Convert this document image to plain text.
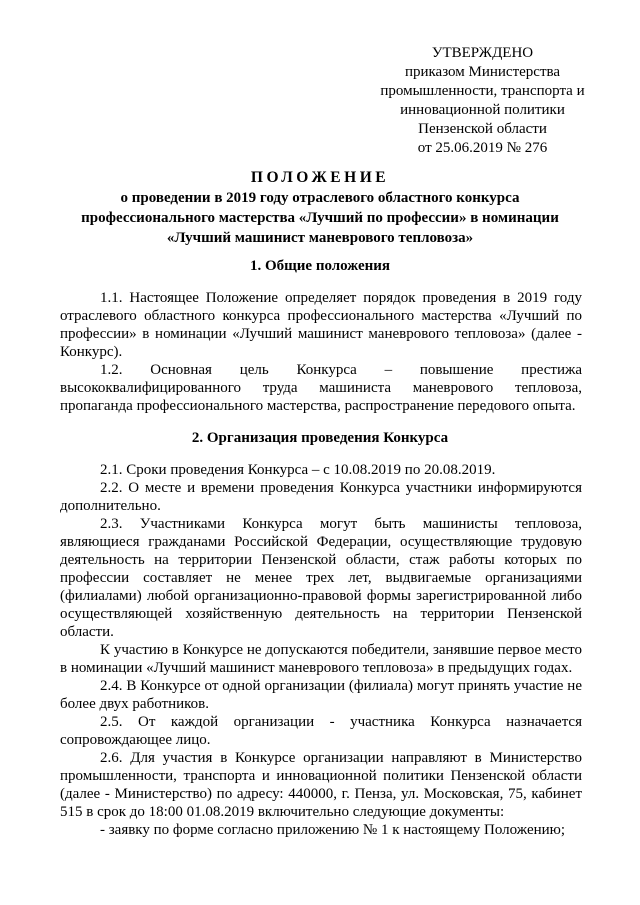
УТВЕРЖДЕНО
приказом Министерства
промышленности, транспорта и
инновационной политики
Пензенской области
от 25.06.2019 № 276
ПОЛОЖЕНИЕ
о проведении в 2019 году отраслевого областного конкурса
профессионального мастерства «Лучший по профессии» в номинации
«Лучший машинист маневрового тепловоза»
1. Общие положения

1.1. Настоящее Положение определяет порядок проведения в 2019 году отраслевого областного конкурса профессионального мастерства «Лучший по профессии» в номинации «Лучший машинист маневрового тепловоза» (далее - Конкурс).

1.2. Основная цель Конкурса – повышение престижа высококвалифицированного труда машиниста маневрового тепловоза, пропаганда профессионального мастерства, распространение передового опыта.

2. Организация проведения Конкурса

2.1. Сроки проведения Конкурса – с 10.08.2019 по 20.08.2019.

2.2. О месте и времени проведения Конкурса участники информируются дополнительно.

2.3. Участниками Конкурса могут быть машинисты тепловоза, являющиеся гражданами Российской Федерации, осуществляющие трудовую деятельность на территории Пензенской области, стаж работы которых по профессии составляет не менее трех лет, выдвигаемые организациями (филиалами) любой организационно-правовой формы зарегистрированной либо осуществляющей хозяйственную деятельность на территории Пензенской области.

К участию в Конкурсе не допускаются победители, занявшие первое место в номинации «Лучший машинист маневрового тепловоза» в предыдущих годах.

2.4. В Конкурсе от одной организации (филиала) могут принять участие не более двух работников.

2.5. От каждой организации - участника Конкурса назначается сопровождающее лицо.

2.6. Для участия в Конкурсе организации направляют в Министерство промышленности, транспорта и инновационной политики Пензенской области (далее - Министерство) по адресу: 440000, г. Пенза, ул. Московская, 75, кабинет 515 в срок до 18:00 01.08.2019 включительно следующие документы:

- заявку по форме согласно приложению № 1 к настоящему Положению;
